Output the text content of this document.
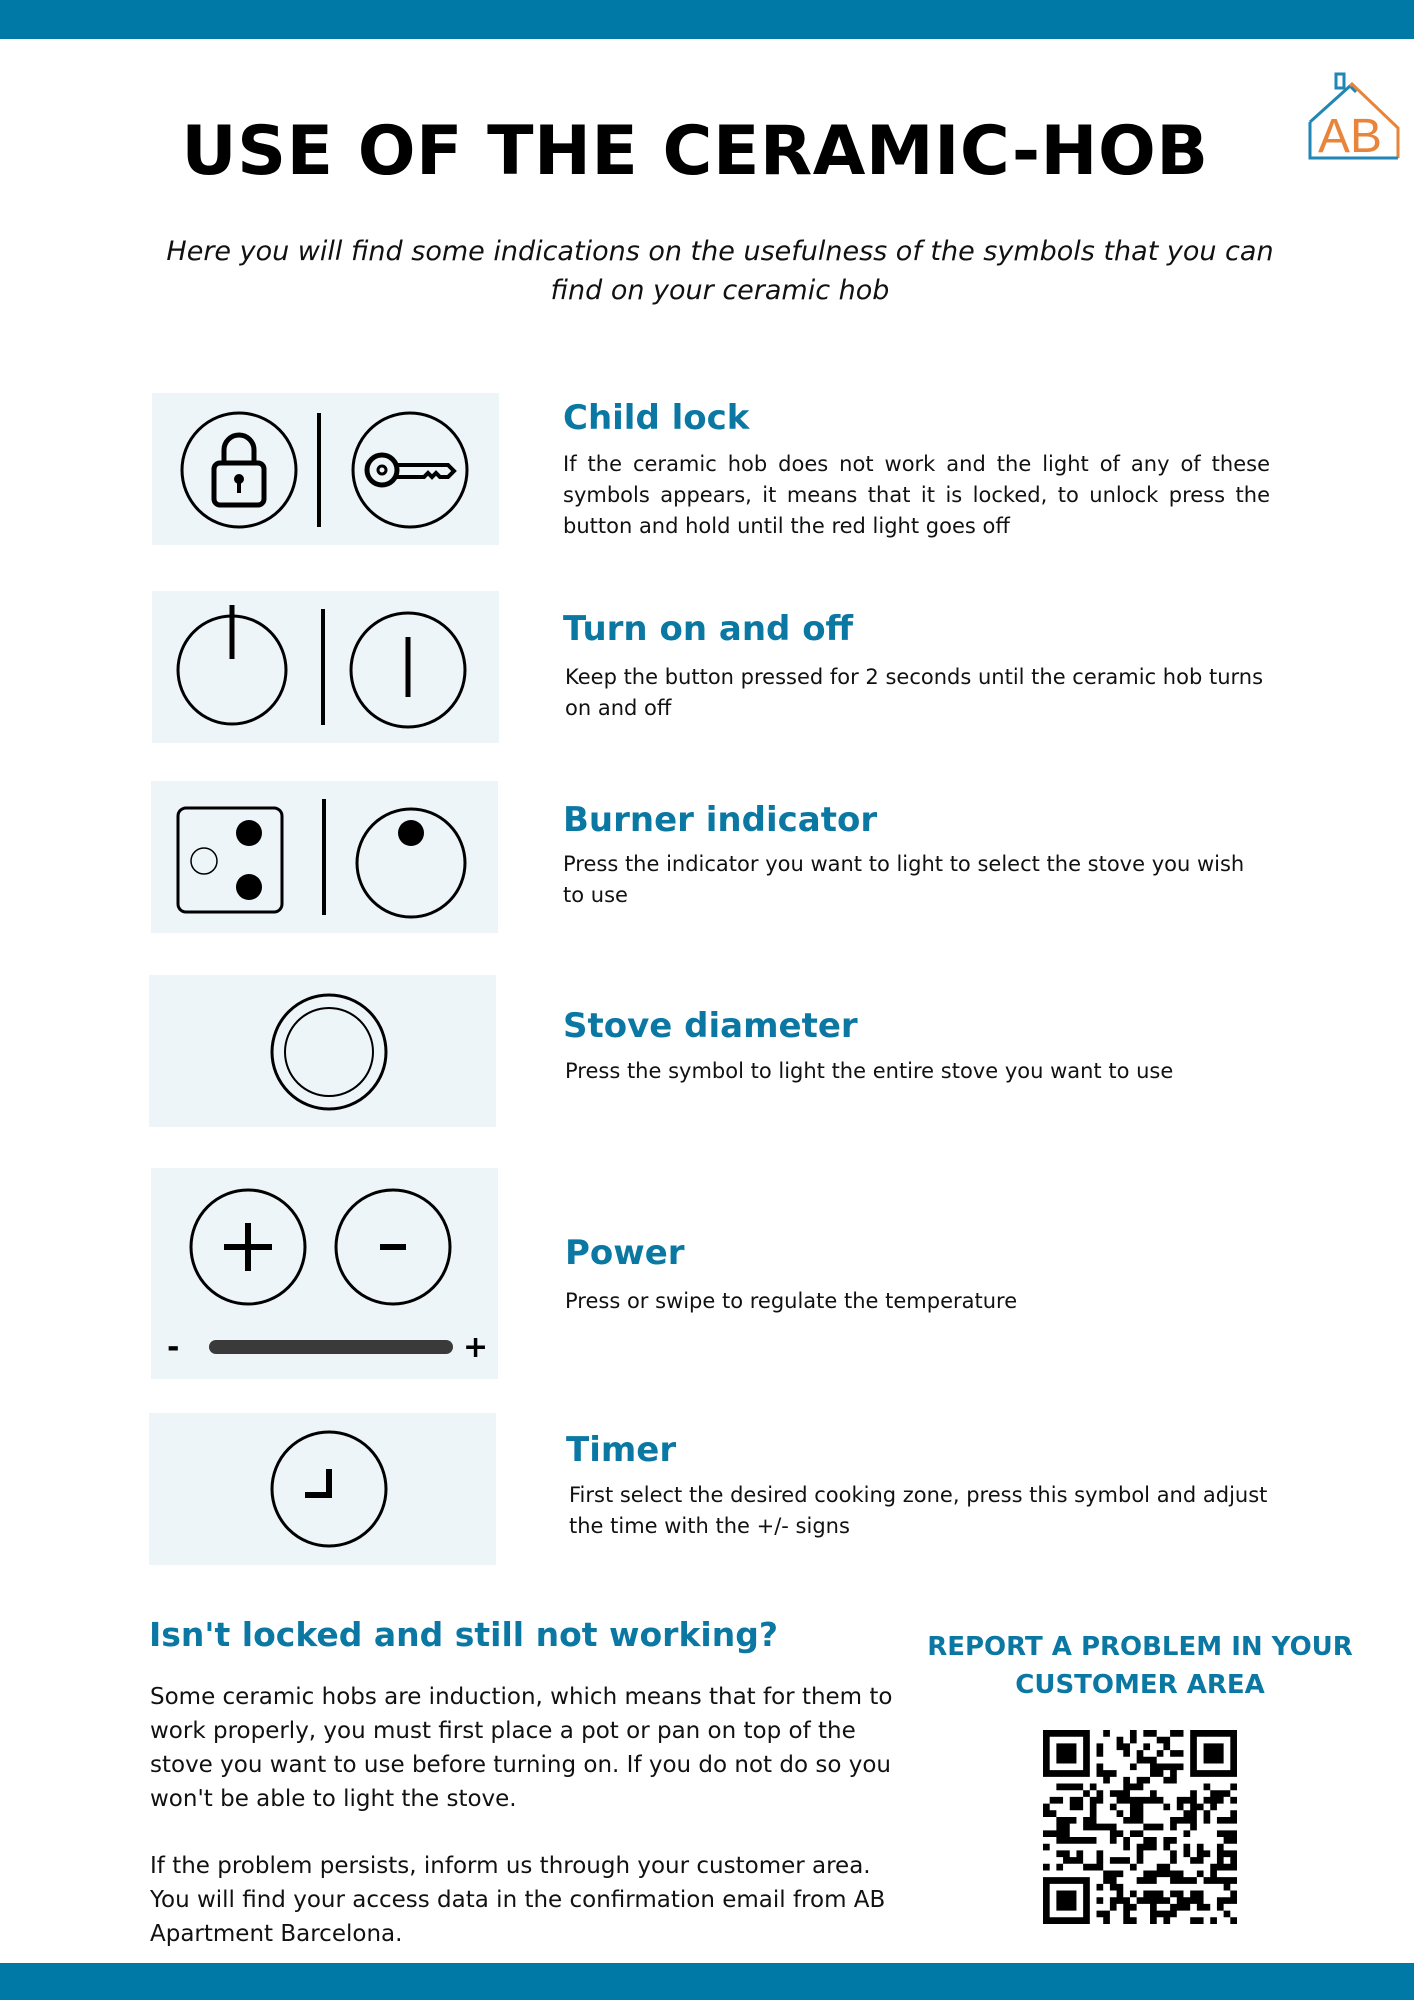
AB
USE OF THE CERAMIC-HOB

Here you will find some indications on the usefulness of the symbols that you can find on your ceramic hob

Child lock

If the ceramic hob does not work and the light of any of these symbols appears, it means that it is locked, to unlock press the button and hold until the red light goes off

Turn on and off

Keep the button pressed for 2 seconds until the ceramic hob turns on and off

Burner indicator

Press the indicator you want to light to select the stove you wish to use

Stove diameter

Press the symbol to light the entire stove you want to use

-	+
Power

Press or swipe to regulate the temperature

Timer

First select the desired cooking zone, press this symbol and adjust the time with the +/- signs

Isn't locked and still not working?

Some ceramic hobs are induction, which means that for them to work properly, you must first place a pot or pan on top of the stove you want to use before turning on. If you do not do so you won't be able to light the stove.

If the problem persists, inform us through your customer area. You will find your access data in the confirmation email from AB Apartment Barcelona.

REPORT A PROBLEM IN YOUR CUSTOMER AREA
